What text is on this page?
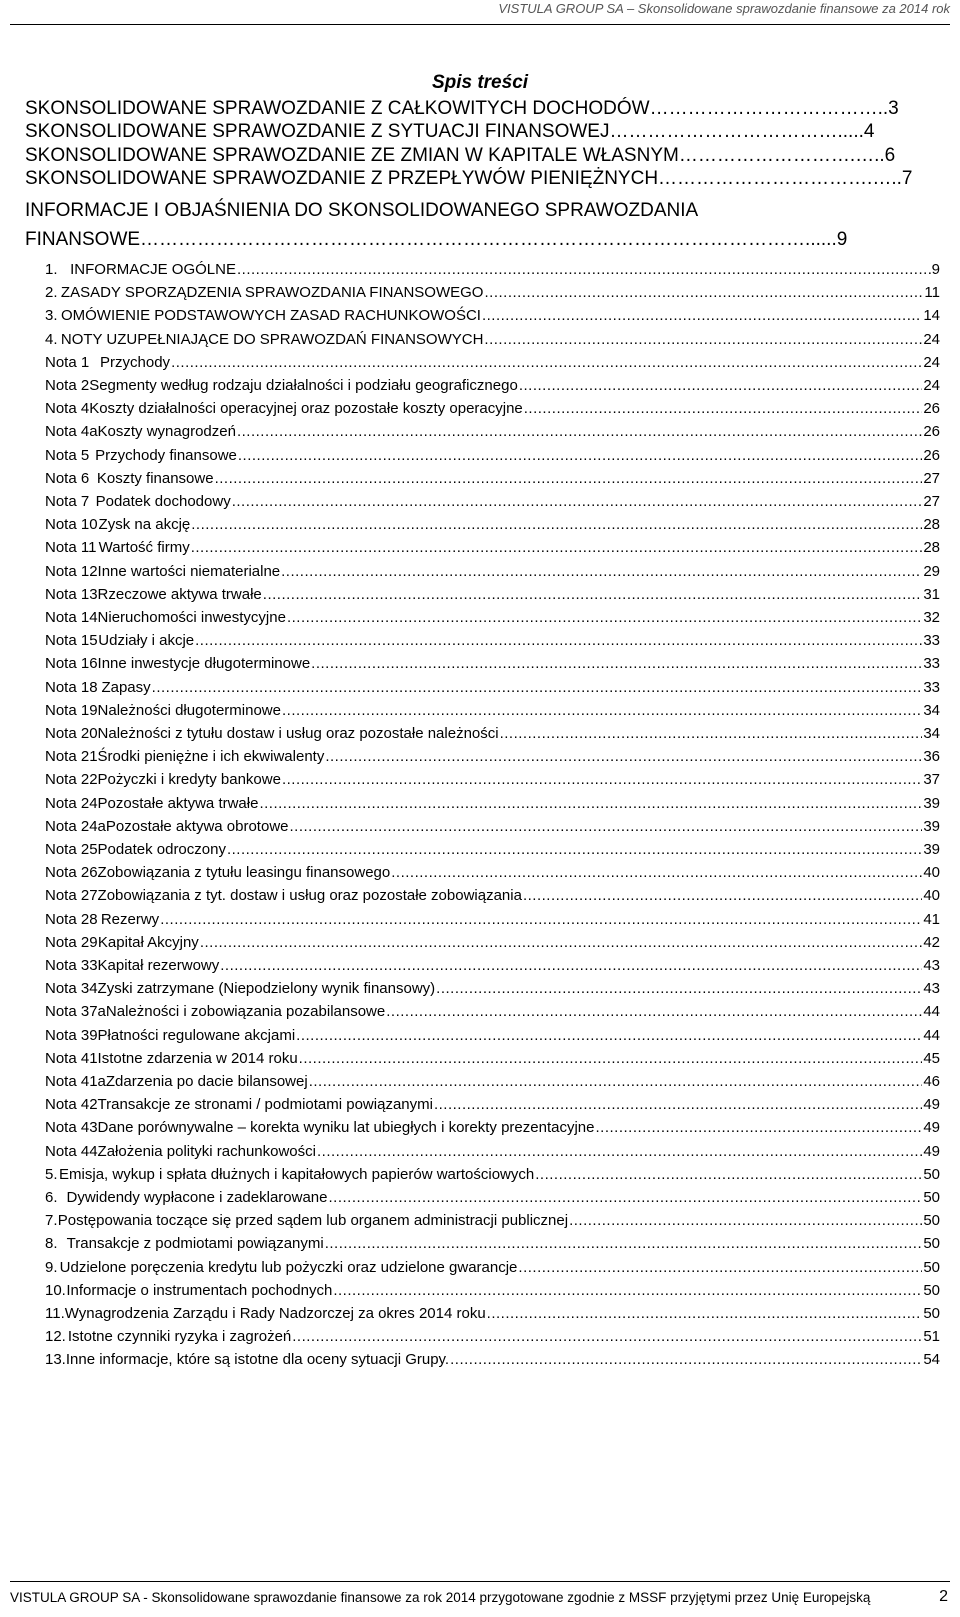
VISTULA GROUP SA – Skonsolidowane sprawozdanie finansowe za 2014 rok
Spis treści
SKONSOLIDOWANE SPRAWOZDANIE Z CAŁKOWITYCH DOCHODÓW………………………………..3
SKONSOLIDOWANE SPRAWOZDANIE Z SYTUACJI FINANSOWEJ……………………………….....4
SKONSOLIDOWANE SPRAWOZDANIE ZE ZMIAN W KAPITALE WŁASNYM……………………….…..6
SKONSOLIDOWANE SPRAWOZDANIE Z PRZEPŁYWÓW PIENIĘŻNYCH…………………………….…..7
INFORMACJE I OBJAŚNIENIA DO SKONSOLIDOWANEGO SPRAWOZDANIA FINANSOWE……………………………………………………………………………………………......9
1. INFORMACJE OGÓLNE .....	9
2. ZASADY SPORZĄDZENIA SPRAWOZDANIA FINANSOWEGO .....	11
3. OMÓWIENIE PODSTAWOWYCH ZASAD RACHUNKOWOŚCI .....	14
4. NOTY UZUPEŁNIAJĄCE DO SPRAWOZDAŃ FINANSOWYCH .....	24
Nota 1 Przychody .....	24
Nota 2 Segmenty według rodzaju działalności i podziału geograficznego .....	24
Nota 4 Koszty działalności operacyjnej oraz pozostałe koszty operacyjne .....	26
Nota 4a Koszty wynagrodzeń .....	26
Nota 5 Przychody finansowe .....	26
Nota 6 Koszty finansowe .....	27
Nota 7 Podatek dochodowy .....	27
Nota 10 Zysk na akcję .....	28
Nota 11 Wartość firmy .....	28
Nota 12 Inne wartości niematerialne .....	29
Nota 13 Rzeczowe aktywa trwałe .....	31
Nota 14 Nieruchomości inwestycyjne .....	32
Nota 15 Udziały i akcje .....	33
Nota 16 Inne inwestycje długoterminowe .....	33
Nota 18 Zapasy .....	33
Nota 19 Należności długoterminowe .....	34
Nota 20 Należności z tytułu dostaw i usług oraz pozostałe należności .....	34
Nota 21 Środki pieniężne i ich ekwiwalenty .....	36
Nota 22 Pożyczki i kredyty bankowe .....	37
Nota 24 Pozostałe aktywa trwałe .....	39
Nota 24a Pozostałe aktywa obrotowe .....	39
Nota 25 Podatek odroczony .....	39
Nota 26 Zobowiązania z tytułu leasingu finansowego .....	40
Nota 27 Zobowiązania z tyt. dostaw i usług oraz pozostałe zobowiązania .....	40
Nota 28 Rezerwy .....	41
Nota 29 Kapitał Akcyjny .....	42
Nota 33 Kapitał rezerwowy .....	43
Nota 34 Zyski zatrzymane (Niepodzielony wynik finansowy) .....	43
Nota 37a Należności i zobowiązania pozabilansowe .....	44
Nota 39 Płatności regulowane akcjami .....	44
Nota 41 Istotne zdarzenia w 2014 roku .....	45
Nota 41a Zdarzenia po dacie bilansowej .....	46
Nota 42 Transakcje ze stronami / podmiotami powiązanymi .....	49
Nota 43 Dane porównywalne – korekta wyniku lat ubiegłych i korekty prezentacyjne .....	49
Nota 44 Założenia polityki rachunkowości .....	49
5. Emisja, wykup i spłata dłużnych i kapitałowych papierów wartościowych .....	50
6. Dywidendy wypłacone i zadeklarowane .....	50
7. Postępowania toczące się przed sądem lub organem administracji publicznej .....	50
8. Transakcje z podmiotami powiązanymi .....	50
9. Udzielone poręczenia kredytu lub pożyczki oraz udzielone gwarancje .....	50
10. Informacje o instrumentach pochodnych .....	50
11. Wynagrodzenia Zarządu i Rady Nadzorczej za okres 2014 roku .....	50
12. Istotne czynniki ryzyka i zagrożeń .....	51
13. Inne informacje, które są istotne dla oceny sytuacji Grupy. .....	54
VISTULA GROUP SA - Skonsolidowane sprawozdanie finansowe za rok 2014 przygotowane zgodnie z MSSF przyjętymi przez Unię Europejską	2
